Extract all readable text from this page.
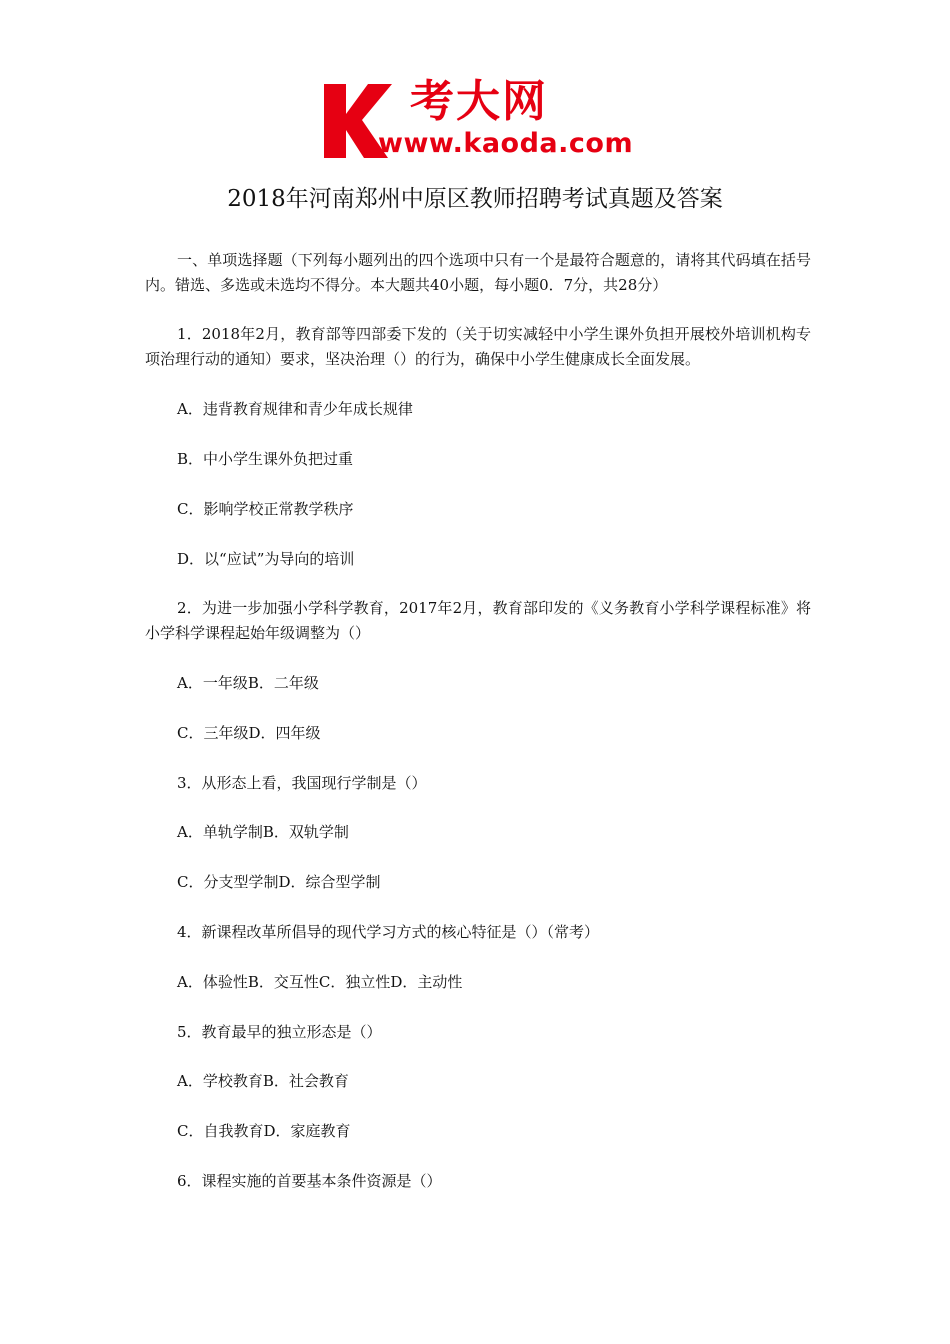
考大网
www.kaoda.com
2018年河南郑州中原区教师招聘考试真题及答案
一、单项选择题（下列每小题列出的四个选项中只有一个是最符合题意的，请将其代码填在括号内。错选、多选或未选均不得分。本大题共40小题，每小题0．7分，共28分）
1．2018年2月，教育部等四部委下发的（关于切实减轻中小学生课外负担开展校外培训机构专项治理行动的通知）要求，坚决治理（）的行为，确保中小学生健康成长全面发展。
A．违背教育规律和青少年成长规律
B．中小学生课外负把过重
C．影响学校正常教学秩序
D．以“应试”为导向的培训
2．为进一步加强小学科学教育，2017年2月，教育部印发的《义务教育小学科学课程标准》将小学科学课程起始年级调整为（）
A．一年级B．二年级
C．三年级D．四年级
3．从形态上看，我国现行学制是（）
A．单轨学制B．双轨学制
C．分支型学制D．综合型学制
4．新课程改革所倡导的现代学习方式的核心特征是（）（常考）
A．体验性B．交互性C．独立性D．主动性
5．教育最早的独立形态是（）
A．学校教育B．社会教育
C．自我教育D．家庭教育
6．课程实施的首要基本条件资源是（）
